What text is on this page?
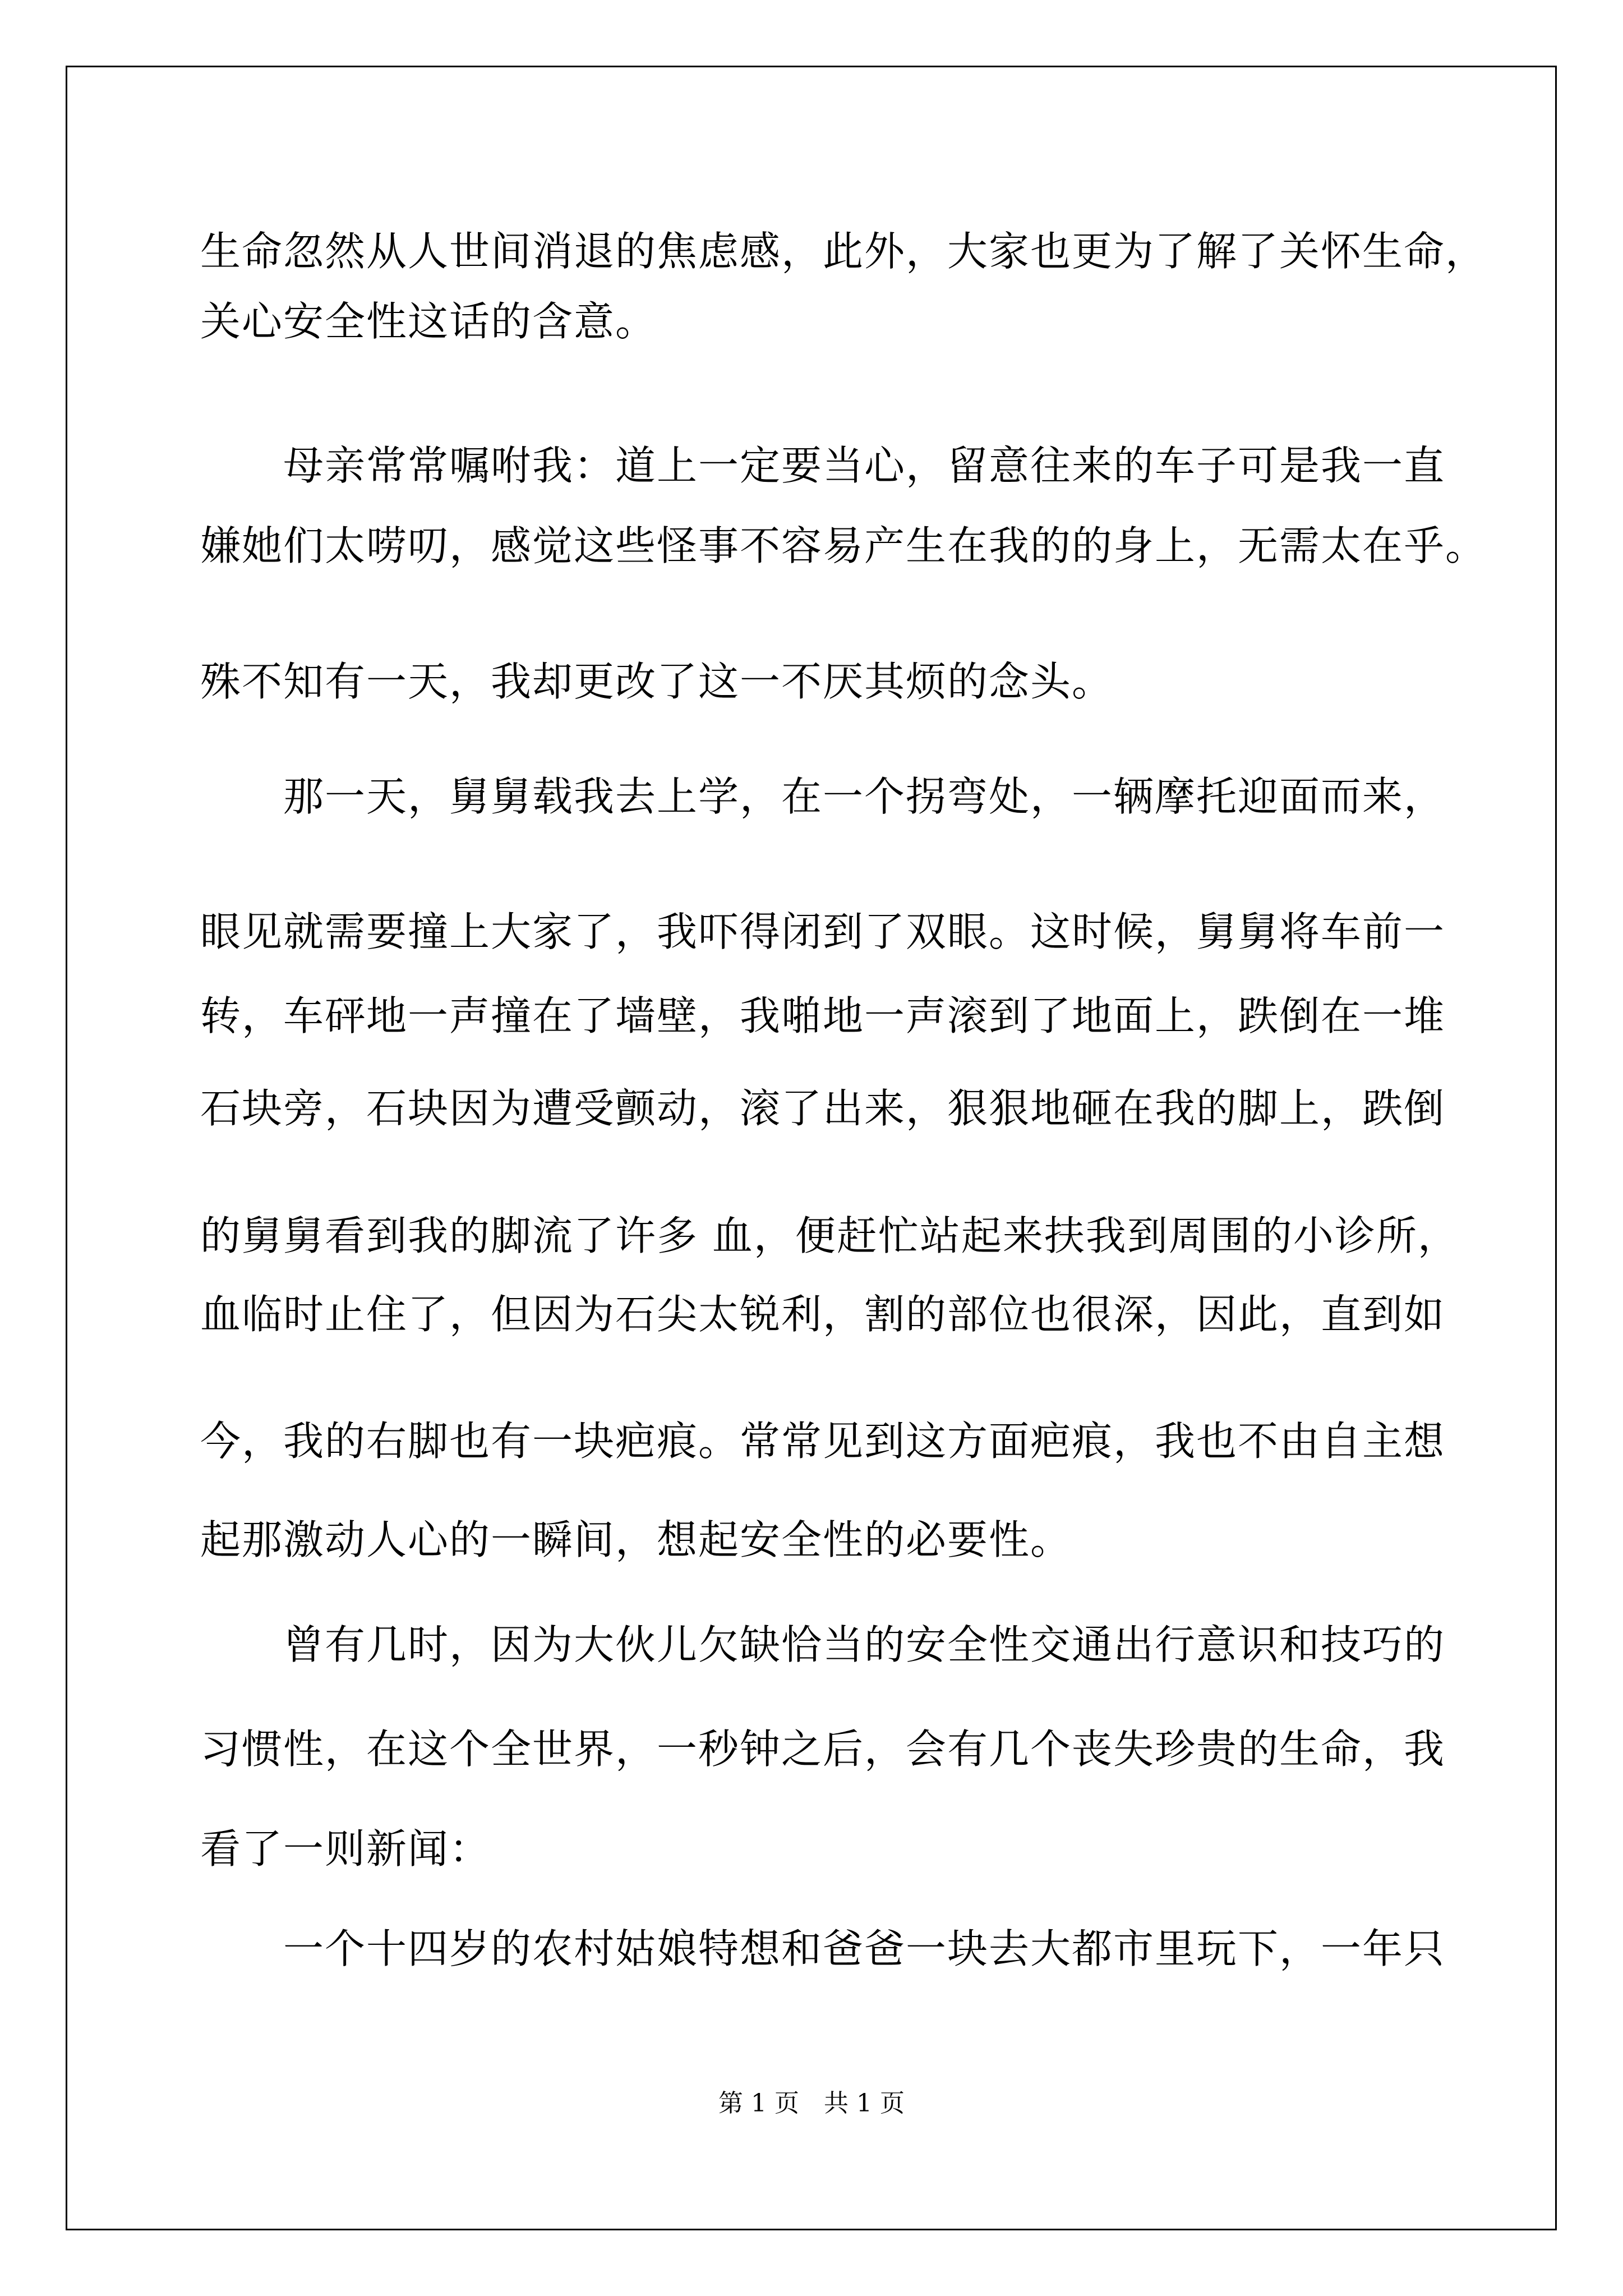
生命忽然从人世间消退的焦虑感，此外，大家也更为了解了关怀生命，
关心安全性这话的含意。
　　母亲常常嘱咐我：道上一定要当心，留意往来的车子可是我一直
嫌她们太唠叨，感觉这些怪事不容易产生在我的的身上，无需太在乎。
殊不知有一天，我却更改了这一不厌其烦的念头。
　　那一天，舅舅载我去上学，在一个拐弯处，一辆摩托迎面而来，
眼见就需要撞上大家了，我吓得闭到了双眼。这时候，舅舅将车前一
转，车砰地一声撞在了墙壁，我啪地一声滚到了地面上，跌倒在一堆
石块旁，石块因为遭受颤动，滚了出来，狠狠地砸在我的脚上，跌倒
的舅舅看到我的脚流了许多 血，便赶忙站起来扶我到周围的小诊所，
血临时止住了，但因为石尖太锐利，割的部位也很深，因此，直到如
今，我的右脚也有一块疤痕。常常见到这方面疤痕，我也不由自主想
起那激动人心的一瞬间，想起安全性的必要性。
　　曾有几时，因为大伙儿欠缺恰当的安全性交通出行意识和技巧的
习惯性，在这个全世界，一秒钟之后，会有几个丧失珍贵的生命，我
看了一则新闻：
　　一个十四岁的农村姑娘特想和爸爸一块去大都市里玩下，一年只
第 1 页　共 1 页
